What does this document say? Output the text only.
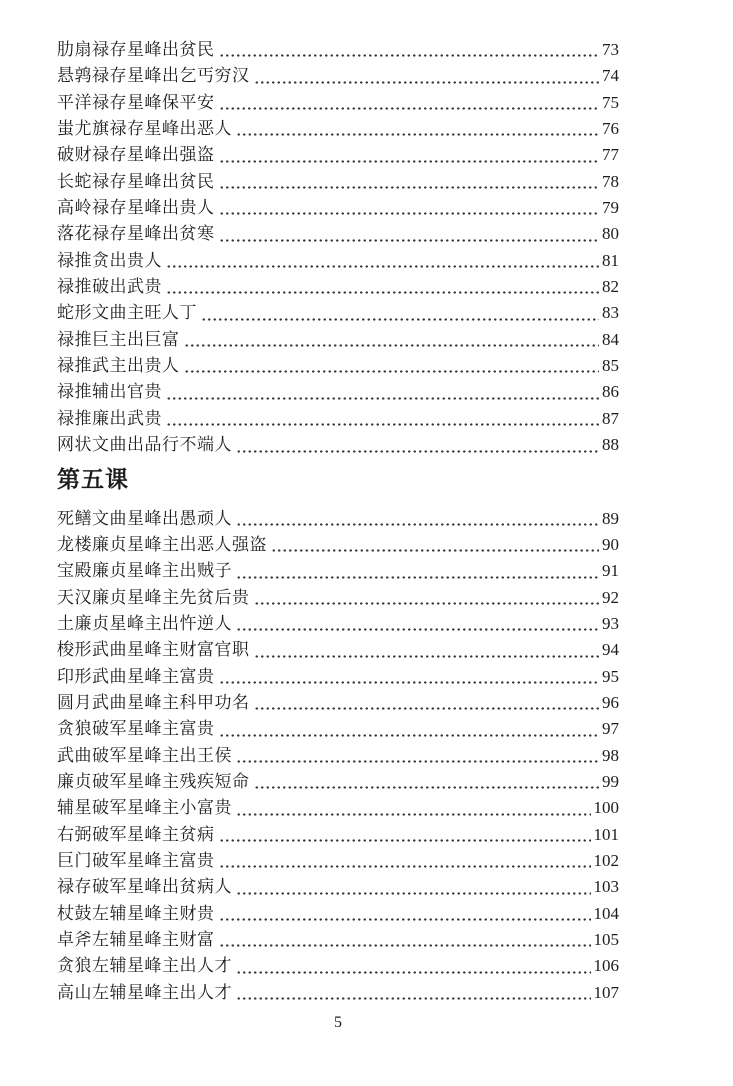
肋扇禄存星峰出贫民	73
悬鹑禄存星峰出乞丐穷汉	74
平洋禄存星峰保平安	75
蚩尤旗禄存星峰出恶人	76
破财禄存星峰出强盗	77
长蛇禄存星峰出贫民	78
高岭禄存星峰出贵人	79
落花禄存星峰出贫寒	80
禄推贪出贵人	81
禄推破出武贵	82
蛇形文曲主旺人丁	83
禄推巨主出巨富	84
禄推武主出贵人	85
禄推辅出官贵	86
禄推廉出武贵	87
网状文曲出品行不端人	88
第五课
死鳝文曲星峰出愚顽人	89
龙楼廉贞星峰主出恶人强盗	90
宝殿廉贞星峰主出贼子	91
天汉廉贞星峰主先贫后贵	92
土廉贞星峰主出忤逆人	93
梭形武曲星峰主财富官职	94
印形武曲星峰主富贵	95
圆月武曲星峰主科甲功名	96
贪狼破军星峰主富贵	97
武曲破军星峰主出王侯	98
廉贞破军星峰主残疾短命	99
辅星破军星峰主小富贵	100
右弼破军星峰主贫病	101
巨门破军星峰主富贵	102
禄存破军星峰出贫病人	103
杖鼓左辅星峰主财贵	104
卓斧左辅星峰主财富	105
贪狼左辅星峰主出人才	106
高山左辅星峰主出人才	107
5
